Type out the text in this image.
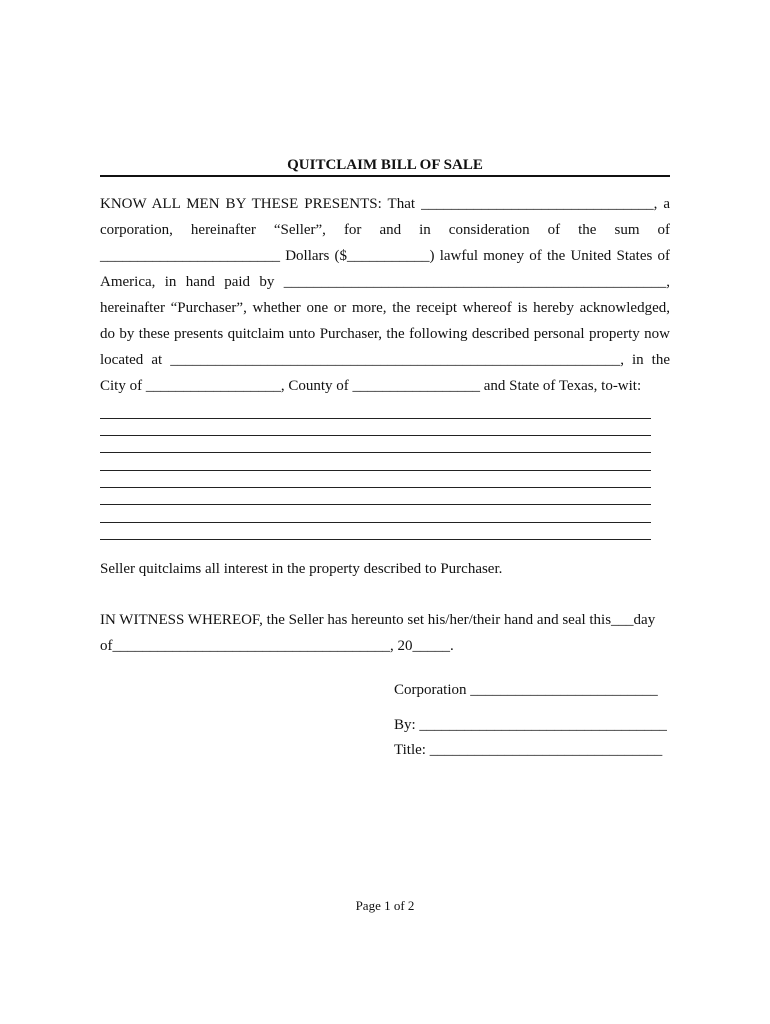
QUITCLAIM BILL OF SALE
KNOW ALL MEN BY THESE PRESENTS: That _______________________________, a
corporation, hereinafter “Seller”, for and in consideration of the sum of
________________________ Dollars ($___________) lawful money of the United States of
America, in hand paid by ___________________________________________________,
hereinafter “Purchaser”, whether one or more, the receipt whereof is hereby acknowledged,
do by these presents quitclaim unto Purchaser, the following described personal property now
located at ____________________________________________________________, in the
City of __________________, County of _________________ and State of Texas, to-wit:
Seller quitclaims all interest in the property described to Purchaser.
IN WITNESS WHEREOF, the Seller has hereunto set his/her/their hand and seal this___day
of_____________________________________, 20_____.
Corporation _________________________
By: _________________________________
Title: _______________________________
Page 1 of 2
